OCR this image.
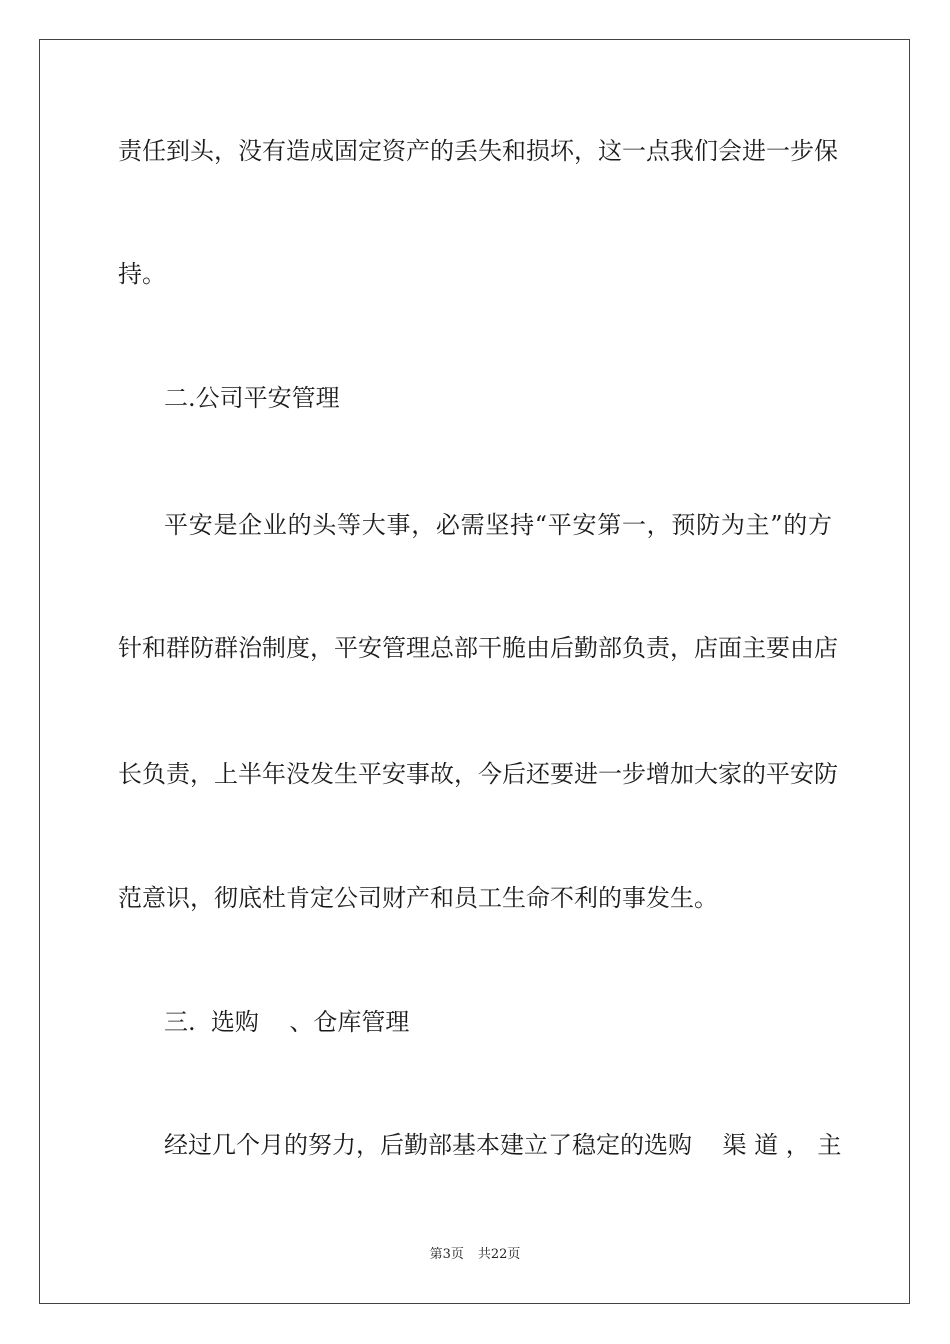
责任到头，没有造成固定资产的丢失和损坏，这一点我们会进一步保
持。
二.公司平安管理
平安是企业的头等大事，必需坚持“平安第一，预防为主”的方
针和群防群治制度，平安管理总部干脆由后勤部负责，店面主要由店
长负责，上半年没发生平安事故，今后还要进一步增加大家的平安防
范意识，彻底杜肯定公司财产和员工生命不利的事发生。
三.  选购    、仓库管理
经过几个月的努力，后勤部基本建立了稳定的选购    渠 道 ， 主
第3页 共22页
